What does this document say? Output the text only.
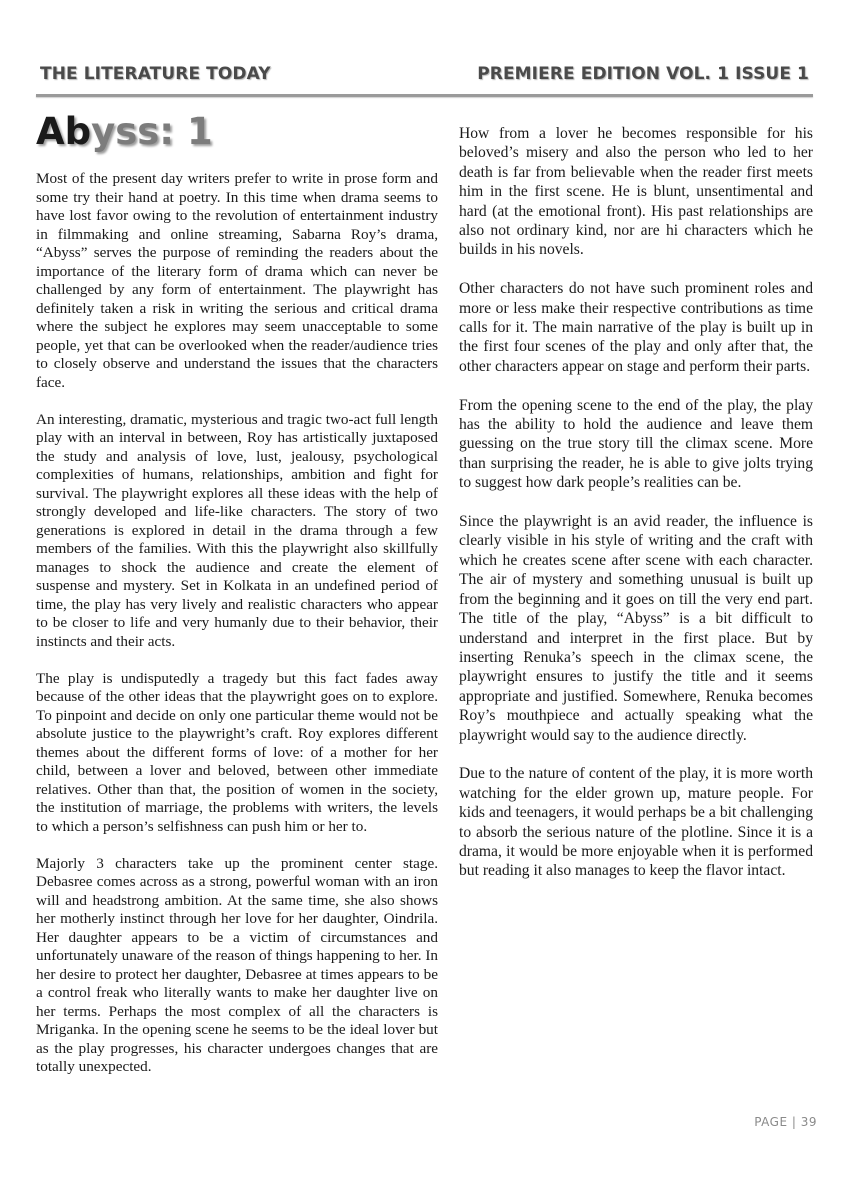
THE LITERATURE TODAY	PREMIERE EDITION VOL. 1 ISSUE 1
Abyss: 1

Most of the present day writers prefer to write in prose form and some try their hand at poetry. In this time when drama seems to have lost favor owing to the revolution of entertainment industry in filmmaking and online streaming, Sabarna Roy’s drama, “Abyss” serves the purpose of reminding the readers about the importance of the literary form of drama which can never be challenged by any form of entertainment. The playwright has definitely taken a risk in writing the serious and critical drama where the subject he explores may seem unacceptable to some people, yet that can be overlooked when the reader/audience tries to closely observe and understand the issues that the characters face.

An interesting, dramatic, mysterious and tragic two-act full length play with an interval in between, Roy has artistically juxtaposed the study and analysis of love, lust, jealousy, psychological complexities of humans, relationships, ambition and fight for survival. The playwright explores all these ideas with the help of strongly developed and life-like characters. The story of two generations is explored in detail in the drama through a few members of the families. With this the playwright also skillfully manages to shock the audience and create the element of suspense and mystery. Set in Kolkata in an undefined period of time, the play has very lively and realistic characters who appear to be closer to life and very humanly due to their behavior, their instincts and their acts.

The play is undisputedly a tragedy but this fact fades away because of the other ideas that the playwright goes on to explore. To pinpoint and decide on only one particular theme would not be absolute justice to the playwright’s craft. Roy explores different themes about the different forms of love: of a mother for her child, between a lover and beloved, between other immediate relatives. Other than that, the position of women in the society, the institution of marriage, the problems with writers, the levels to which a person’s selfishness can push him or her to.

Majorly 3 characters take up the prominent center stage. Debasree comes across as a strong, powerful woman with an iron will and headstrong ambition. At the same time, she also shows her motherly instinct through her love for her daughter, Oindrila. Her daughter appears to be a victim of circumstances and unfortunately unaware of the reason of things happening to her. In her desire to protect her daughter, Debasree at times appears to be a control freak who literally wants to make her daughter live on her terms. Perhaps the most complex of all the characters is Mriganka. In the opening scene he seems to be the ideal lover but as the play progresses, his character undergoes changes that are totally unexpected.

How from a lover he becomes responsible for his beloved’s misery and also the person who led to her death is far from believable when the reader first meets him in the first scene. He is blunt, unsentimental and hard (at the emotional front). His past relationships are also not ordinary kind, nor are hi characters which he builds in his novels.

Other characters do not have such prominent roles and more or less make their respective contributions as time calls for it. The main narrative of the play is built up in the first four scenes of the play and only after that, the other characters appear on stage and perform their parts.

From the opening scene to the end of the play, the play has the ability to hold the audience and leave them guessing on the true story till the climax scene. More than surprising the reader, he is able to give jolts trying to suggest how dark people’s realities can be.

Since the playwright is an avid reader, the influence is clearly visible in his style of writing and the craft with which he creates scene after scene with each character. The air of mystery and something unusual is built up from the beginning and it goes on till the very end part. The title of the play, “Abyss” is a bit difficult to understand and interpret in the first place. But by inserting Renuka’s speech in the climax scene, the playwright ensures to justify the title and it seems appropriate and justified. Somewhere, Renuka becomes Roy’s mouthpiece and actually speaking what the playwright would say to the audience directly.

Due to the nature of content of the play, it is more worth watching for the elder grown up, mature people. For kids and teenagers, it would perhaps be a bit challenging to absorb the serious nature of the plotline. Since it is a drama, it would be more enjoyable when it is performed but reading it also manages to keep the flavor intact.

PAGE | 39
